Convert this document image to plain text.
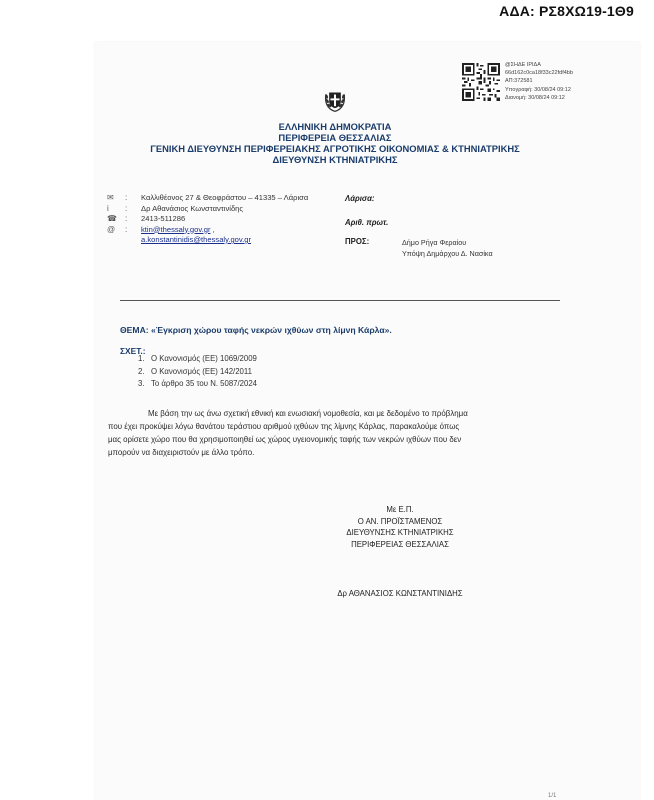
ΑΔΑ: ΡΣ8ΧΩ19-1Θ9
@ΣΗΔΕ ΙΡΙΔΑ
66d162c0ca18f33c22fdf4bb
ΑΠ:372581
Υπογραφή: 30/08/24 09:12
Διανομή: 30/08/24 09:12
ΕΛΛΗΝΙΚΗ ΔΗΜΟΚΡΑΤΙΑ
ΠΕΡΙΦΕΡΕΙΑ ΘΕΣΣΑΛΙΑΣ
ΓΕΝΙΚΗ ΔΙΕΥΘΥΝΣΗ ΠΕΡΙΦΕΡΕΙΑΚΗΣ ΑΓΡΟΤΙΚΗΣ ΟΙΚΟΝΟΜΙΑΣ & ΚΤΗΝΙΑΤΡΙΚΗΣ
ΔΙΕΥΘΥΝΣΗ ΚΤΗΝΙΑΤΡΙΚΗΣ
✉
i
☎
@
:
:
:
:
Καλλιθέονος 27 & Θεοφράστου – 41335 – Λάρισα
Δρ Αθανάσιος Κωνσταντινίδης
2413-511286
ktin@thessaly.gov.gr ,
a.konstantinidis@thessaly.gov.gr
Λάρισα:
Αριθ. πρωτ.
ΠΡΟΣ:	Δήμο Ρήγα Φεραίου
Υπόψη Δημάρχου Δ. Νασίκα
ΘΕΜΑ: «Έγκριση χώρου ταφής νεκρών ιχθύων στη λίμνη Κάρλα».
ΣΧΕΤ.:
1. Ο Κανονισμός (ΕΕ) 1069/2009
2. Ο Κανονισμός (ΕΕ) 142/2011
3. Το άρθρο 35 του Ν. 5087/2024
Με βάση την ως άνω σχετική εθνική και ενωσιακή νομοθεσία, και με δεδομένο το πρόβλημα
που έχει προκύψει λόγω θανάτου τεράστιου αριθμού ιχθύων της λίμνης Κάρλας, παρακαλούμε όπως
μας ορίσετε χώρο που θα χρησιμοποιηθεί ως χώρος υγειονομικής ταφής των νεκρών ιχθύων που δεν
μπορούν να διαχειριστούν με άλλο τρόπο.
Με Ε.Π.
Ο ΑΝ. ΠΡΟΪΣΤΑΜΕΝΟΣ
ΔΙΕΥΘΥΝΣΗΣ ΚΤΗΝΙΑΤΡΙΚΗΣ
ΠΕΡΙΦΕΡΕΙΑΣ ΘΕΣΣΑΛΙΑΣ
Δρ ΑΘΑΝΑΣΙΟΣ ΚΩΝΣΤΑΝΤΙΝΙΔΗΣ
1/1
